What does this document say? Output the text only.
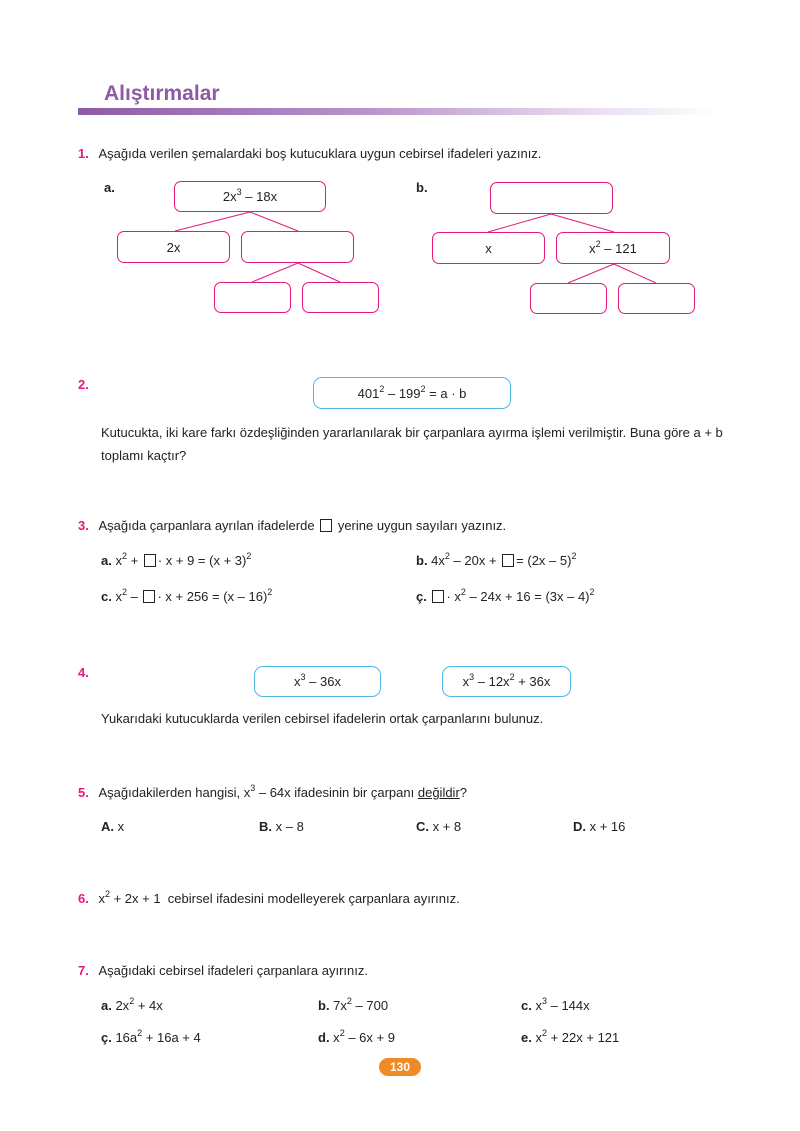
Alıştırmalar
1. Aşağıda verilen şemalardaki boş kutucuklara uygun cebirsel ifadeleri yazınız.
a.
$2x^3 - 18x$
2x
b.
x	$x^2 - 121$
2.
$401^2 - 199^2 = a \cdot b$
Kutucukta, iki kare farkı özdeşliğinden yararlanılarak bir çarpanlara ayırma işlemi verilmiştir. Buna göre a + b toplamı kaçtır?
3. Aşağıda çarpanlara ayrılan ifadelerde yerine uygun sayıları yazınız.
a. $x^2$ + · $x + 9 = (x + 3)^2$	b. $4x^2 - 20x$ + = (2x – 5)$^2$
c. $x^2$ – · x + 256 = (x – 16)$^2$	ç. · $x^2 - 24x + 16 = (3x - 4)^2$
4.
$x^3 - 36x$	$x^3 - 12x^2 + 36x$
Yukarıdaki kutucuklarda verilen cebirsel ifadelerin ortak çarpanlarını bulunuz.
5. Aşağıdakilerden hangisi, $x^3 - 64x$ ifadesinin bir çarpanı değildir?
A. x	B. x – 8	C. x + 8	D. x + 16
6. $x^2 + 2x + 1$  cebirsel ifadesini modelleyerek çarpanlara ayırınız.
7. Aşağıdaki cebirsel ifadeleri çarpanlara ayırınız.
a. $2x^2 + 4x$	b. $7x^2 - 700$	c. $x^3 - 144x$
ç. $16a^2 + 16a + 4$	d. $x^2 - 6x + 9$	e. $x^2 + 22x + 121$
130
